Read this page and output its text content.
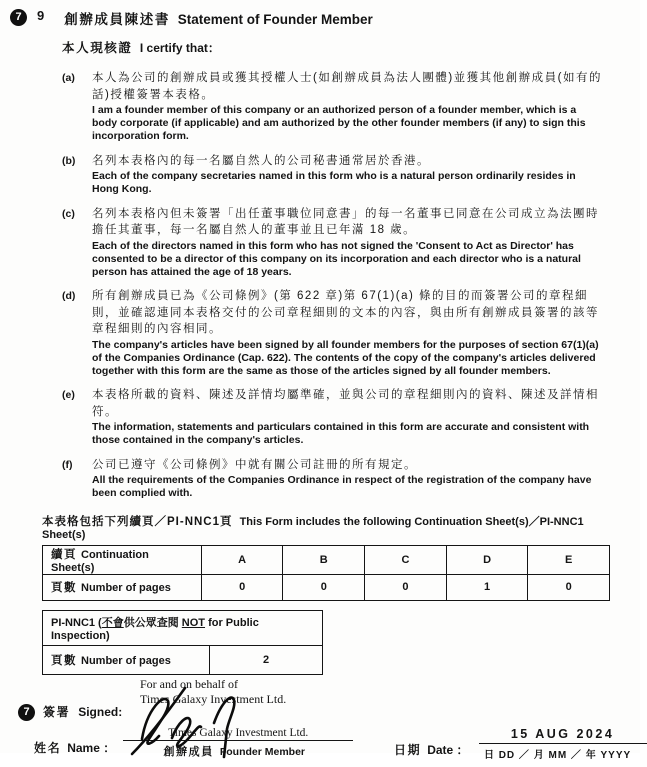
7	9 創辦成員陳述書 Statement of Founder Member
本人現核證 I certify that：
(a)	本人為公司的創辦成員或獲其授權人士(如創辦成員為法人團體)並獲其他創辦成員(如有的話)授權簽署本表格。
I am a founder member of this company or an authorized person of a founder member, which is a body corporate (if applicable) and am authorized by the other founder members (if any) to sign this incorporation form.
(b)	名列本表格內的每一名屬自然人的公司秘書通常居於香港。
Each of the company secretaries named in this form who is a natural person ordinarily resides in Hong Kong.
(c)	名列本表格內但未簽署「出任董事職位同意書」的每一名董事已同意在公司成立為法團時擔任其董事，每一名屬自然人的董事並且已年滿 18 歲。
Each of the directors named in this form who has not signed the 'Consent to Act as Director' has consented to be a director of this company on its incorporation and each director who is a natural person has attained the age of 18 years.
(d)	所有創辦成員已為《公司條例》(第 622 章)第 67(1)(a) 條的目的而簽署公司的章程細則，並確認連同本表格交付的公司章程細則的文本的內容，與由所有創辦成員簽署的該等章程細則的內容相同。
The company's articles have been signed by all founder members for the purposes of section 67(1)(a) of the Companies Ordinance (Cap. 622). The contents of the copy of the company's articles delivered together with this form are the same as those of the articles signed by all founder members.
(e)	本表格所載的資料、陳述及詳情均屬準確，並與公司的章程細則內的資料、陳述及詳情相符。
The information, statements and particulars contained in this form are accurate and consistent with those contained in the company's articles.
(f)	公司已遵守《公司條例》中就有關公司註冊的所有規定。
All the requirements of the Companies Ordinance in respect of the registration of the company have been complied with.
本表格包括下列續頁／PI-NNC1頁 This Form includes the following Continuation Sheet(s)／PI-NNC1 Sheet(s)
續頁 Continuation Sheet(s)	A	B	C	D	E
頁數 Number of pages	0	0	0	1	0
PI-NNC1 (不會供公眾查閱 NOT for Public Inspection)
頁數 Number of pages	2
For and on behalf of
Times Galaxy Investment Ltd.
7	簽署 Signed:
姓名 Name ：
Times Galaxy Investment Ltd.
創辦成員 Founder Member	日期 Date ：
15 AUG 2024
日 DD ／ 月 MM ／ 年 YYYY
